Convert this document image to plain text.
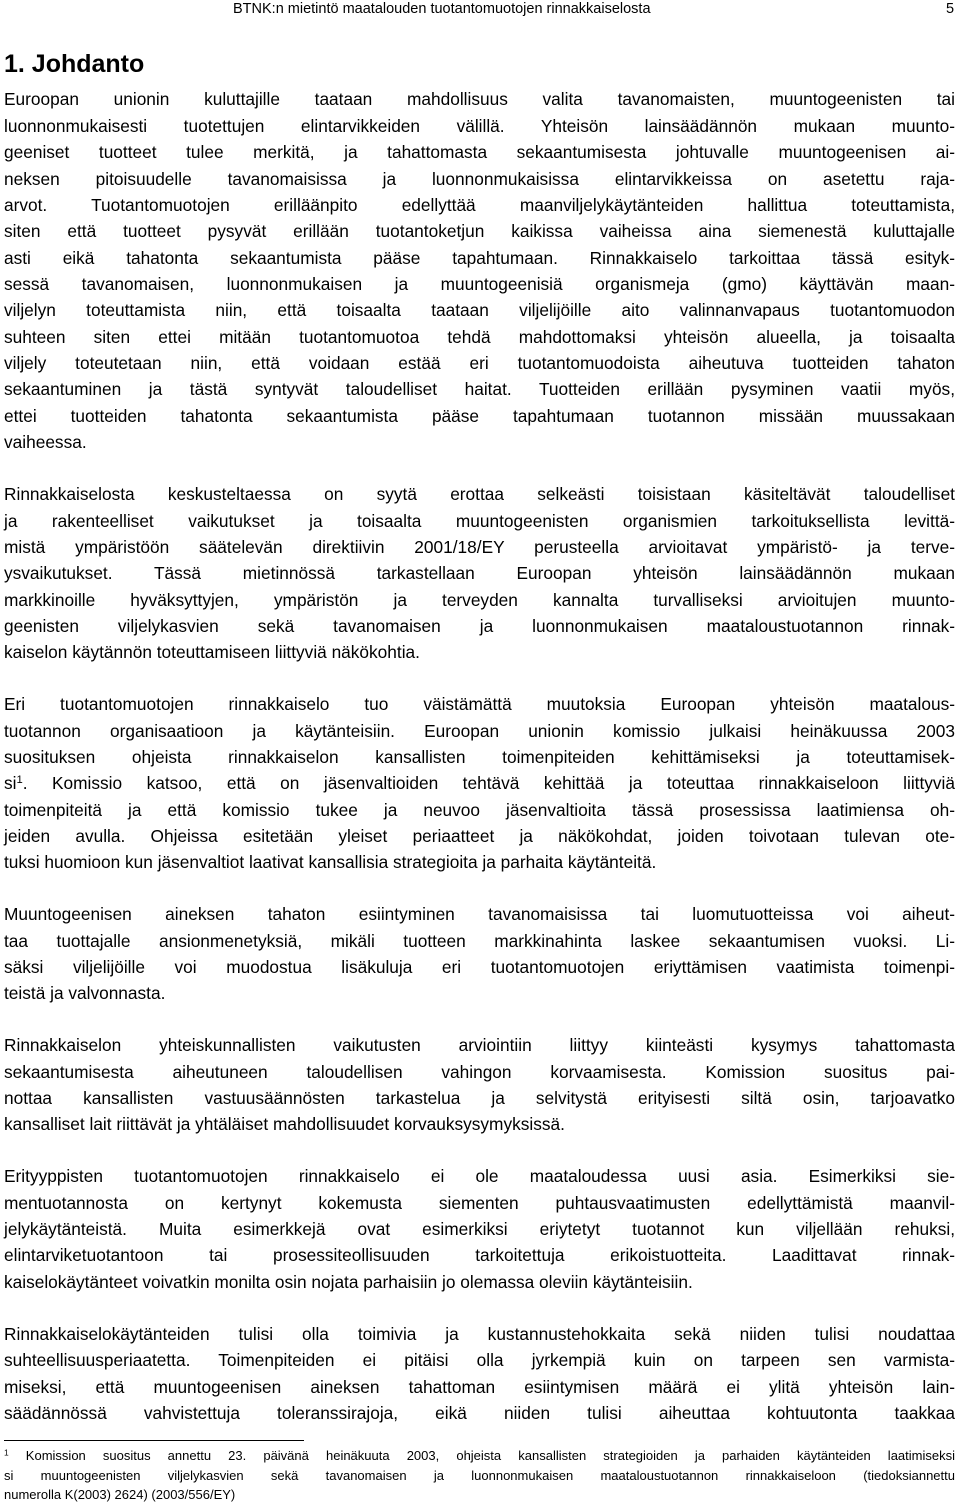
BTNK:n mietintö maatalouden tuotantomuotojen rinnakkaiselosta	5
1. Johdanto
Euroopan unionin kuluttajille taataan mahdollisuus valita tavanomaisten, muuntogeenisten tai
luonnonmukaisesti tuotettujen elintarvikkeiden välillä. Yhteisön lainsäädännön mukaan muunto-
geeniset tuotteet tulee merkitä, ja tahattomasta sekaantumisesta johtuvalle muuntogeenisen ai-
neksen pitoisuudelle tavanomaisissa ja luonnonmukaisissa elintarvikkeissa on asetettu raja-
arvot. Tuotantomuotojen erilläänpito edellyttää maanviljelykäytänteiden hallittua toteuttamista,
siten että tuotteet pysyvät erillään tuotantoketjun kaikissa vaiheissa aina siemenestä kuluttajalle
asti eikä tahatonta sekaantumista pääse tapahtumaan. Rinnakkaiselo tarkoittaa tässä esityk-
sessä tavanomaisen, luonnonmukaisen ja muuntogeenisiä organismeja (gmo) käyttävän maan-
viljelyn toteuttamista niin, että toisaalta taataan viljelijöille aito valinnanvapaus tuotantomuodon
suhteen siten ettei mitään tuotantomuotoa tehdä mahdottomaksi yhteisön alueella, ja toisaalta
viljely toteutetaan niin, että voidaan estää eri tuotantomuodoista aiheutuva tuotteiden tahaton
sekaantuminen ja tästä syntyvät taloudelliset haitat. Tuotteiden erillään pysyminen vaatii myös,
ettei tuotteiden tahatonta sekaantumista pääse tapahtumaan tuotannon missään muussakaan
vaiheessa.
Rinnakkaiselosta keskusteltaessa on syytä erottaa selkeästi toisistaan käsiteltävät taloudelliset
ja rakenteelliset vaikutukset ja toisaalta muuntogeenisten organismien tarkoituksellista levittä-
mistä ympäristöön säätelevän direktiivin 2001/18/EY perusteella arvioitavat ympäristö- ja terve-
ysvaikutukset. Tässä mietinnössä tarkastellaan Euroopan yhteisön lainsäädännön mukaan
markkinoille hyväksyttyjen, ympäristön ja terveyden kannalta turvalliseksi arvioitujen muunto-
geenisten viljelykasvien sekä tavanomaisen ja luonnonmukaisen maataloustuotannon rinnak-
kaiselon käytännön toteuttamiseen liittyviä näkökohtia.
Eri tuotantomuotojen rinnakkaiselo tuo väistämättä muutoksia Euroopan yhteisön maatalous-
tuotannon organisaatioon ja käytänteisiin. Euroopan unionin komissio julkaisi heinäkuussa 2003
suosituksen ohjeista rinnakkaiselon kansallisten toimenpiteiden kehittämiseksi ja toteuttamisek-
$si^1$. Komissio katsoo, että on jäsenvaltioiden tehtävä kehittää ja toteuttaa rinnakkaiseloon liittyviä
toimenpiteitä ja että komissio tukee ja neuvoo jäsenvaltioita tässä prosessissa laatimiensa oh-
jeiden avulla. Ohjeissa esitetään yleiset periaatteet ja näkökohdat, joiden toivotaan tulevan ote-
tuksi huomioon kun jäsenvaltiot laativat kansallisia strategioita ja parhaita käytänteitä.
Muuntogeenisen aineksen tahaton esiintyminen tavanomaisissa tai luomutuotteissa voi aiheut-
taa tuottajalle ansionmenetyksiä, mikäli tuotteen markkinahinta laskee sekaantumisen vuoksi. Li-
säksi viljelijöille voi muodostua lisäkuluja eri tuotantomuotojen eriyttämisen vaatimista toimenpi-
teistä ja valvonnasta.
Rinnakkaiselon yhteiskunnallisten vaikutusten arviointiin liittyy kiinteästi kysymys tahattomasta
sekaantumisesta aiheutuneen taloudellisen vahingon korvaamisesta. Komission suositus pai-
nottaa kansallisten vastuusäännösten tarkastelua ja selvitystä erityisesti siltä osin, tarjoavatko
kansalliset lait riittävät ja yhtäläiset mahdollisuudet korvauksysymyksissä.
Erityyppisten tuotantomuotojen rinnakkaiselo ei ole maataloudessa uusi asia. Esimerkiksi sie-
mentuotannosta on kertynyt kokemusta siementen puhtausvaatimusten edellyttämistä maanvil-
jelykäytänteistä. Muita esimerkkejä ovat esimerkiksi eriytetyt tuotannot kun viljellään rehuksi,
elintarviketuotantoon tai prosessiteollisuuden tarkoitettuja erikoistuotteita. Laadittavat rinnak-
kaiselokäytänteet voivatkin monilta osin nojata parhaisiin jo olemassa oleviin käytänteisiin.
Rinnakkaiselokäytänteiden tulisi olla toimivia ja kustannustehokkaita sekä niiden tulisi noudattaa
suhteellisuusperiaatetta. Toimenpiteiden ei pitäisi olla jyrkempiä kuin on tarpeen sen varmista-
miseksi, että muuntogeenisen aineksen tahattoman esiintymisen määrä ei ylitä yhteisön lain-
säädännössä vahvistettuja toleranssirajoja, eikä niiden tulisi aiheuttaa kohtuutonta taakkaa
$^1$ Komission suositus annettu 23. päivänä heinäkuuta 2003, ohjeista kansallisten strategioiden ja parhaiden käytänteiden laatimiseksi
si muuntogeenisten viljelykasvien sekä tavanomaisen ja luonnonmukaisen maataloustuotannon rinnakkaiseloon (tiedoksiannettu
numerolla K(2003) 2624) (2003/556/EY)
